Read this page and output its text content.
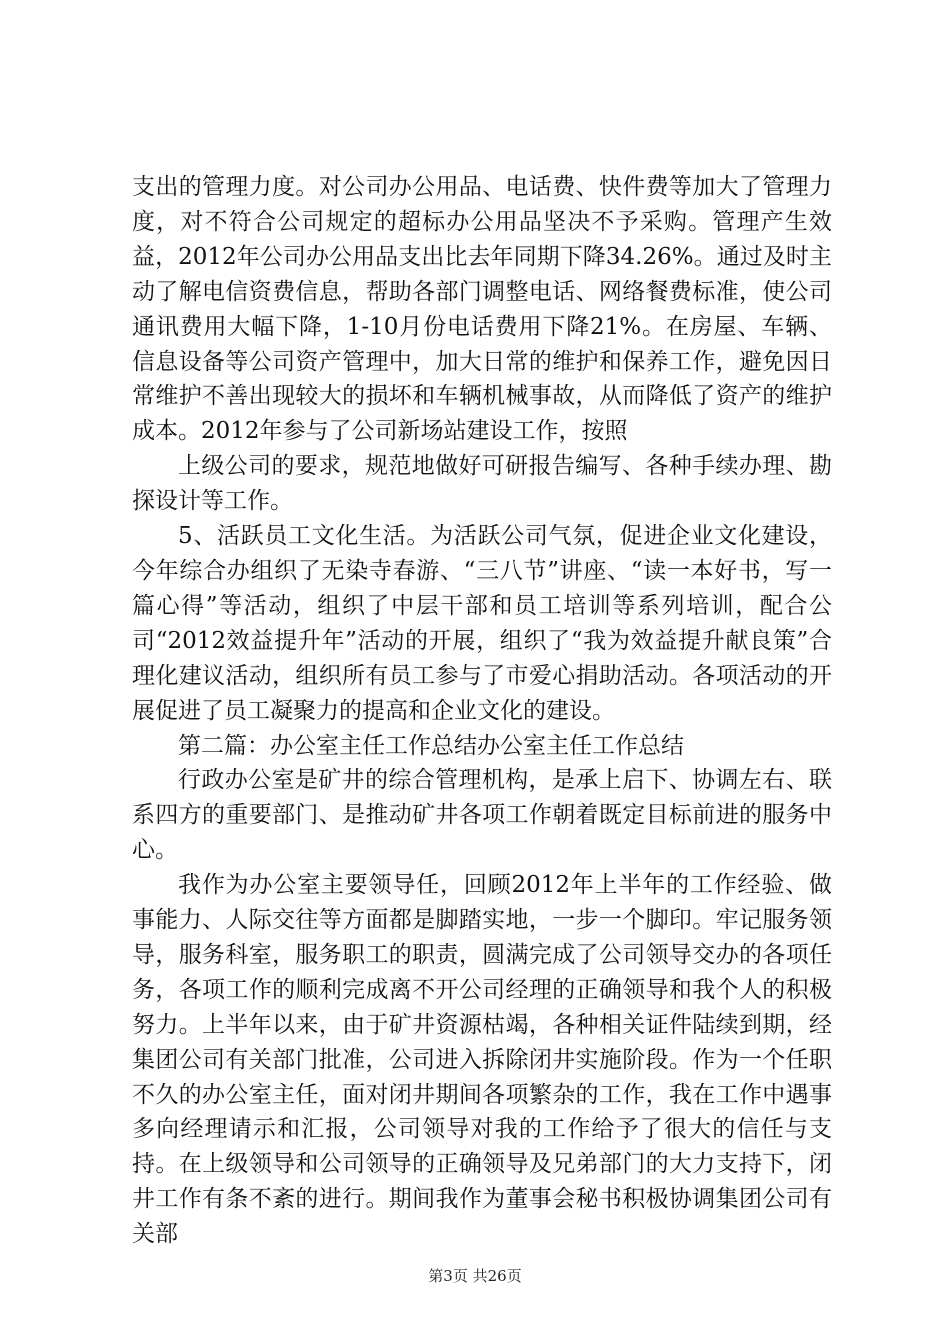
支出的管理力度。对公司办公用品、电话费、快件费等加大了管理力度，对不符合公司规定的超标办公用品坚决不予采购。管理产生效益，2012年公司办公用品支出比去年同期下降34.26%。通过及时主动了解电信资费信息，帮助各部门调整电话、网络餐费标准，使公司通讯费用大幅下降，1-10月份电话费用下降21%。在房屋、车辆、信息设备等公司资产管理中，加大日常的维护和保养工作，避免因日常维护不善出现较大的损坏和车辆机械事故，从而降低了资产的维护成本。2012年参与了公司新场站建设工作，按照

上级公司的要求，规范地做好可研报告编写、各种手续办理、勘探设计等工作。

5、活跃员工文化生活。为活跃公司气氛，促进企业文化建设，今年综合办组织了无染寺春游、“三八节”讲座、“读一本好书，写一篇心得”等活动，组织了中层干部和员工培训等系列培训，配合公司“2012效益提升年”活动的开展，组织了“我为效益提升献良策”合理化建议活动，组织所有员工参与了市爱心捐助活动。各项活动的开展促进了员工凝聚力的提高和企业文化的建设。

第二篇：办公室主任工作总结办公室主任工作总结

行政办公室是矿井的综合管理机构，是承上启下、协调左右、联系四方的重要部门、是推动矿井各项工作朝着既定目标前进的服务中心。

我作为办公室主要领导任，回顾2012年上半年的工作经验、做事能力、人际交往等方面都是脚踏实地，一步一个脚印。牢记服务领导，服务科室，服务职工的职责，圆满完成了公司领导交办的各项任务，各项工作的顺利完成离不开公司经理的正确领导和我个人的积极努力。上半年以来，由于矿井资源枯竭，各种相关证件陆续到期，经集团公司有关部门批准，公司进入拆除闭井实施阶段。作为一个任职不久的办公室主任，面对闭井期间各项繁杂的工作，我在工作中遇事多向经理请示和汇报，公司领导对我的工作给予了很大的信任与支持。在上级领导和公司领导的正确领导及兄弟部门的大力支持下，闭井工作有条不紊的进行。期间我作为董事会秘书积极协调集团公司有关部

第3页 共26页
